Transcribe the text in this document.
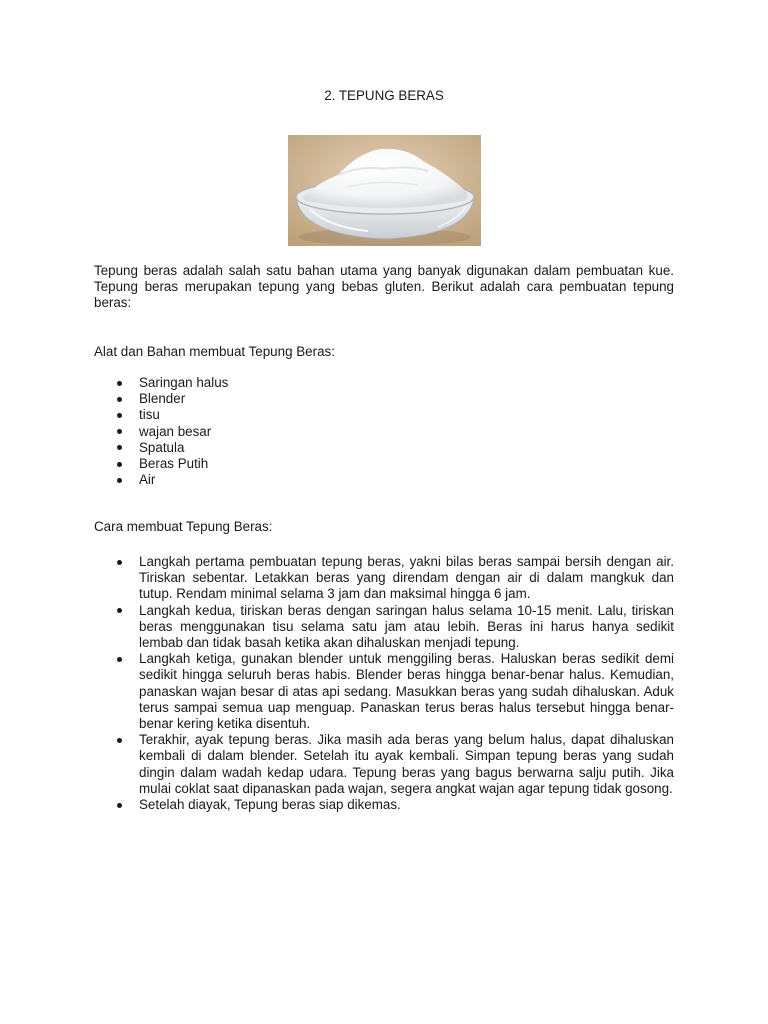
2. TEPUNG BERAS

Tepung beras adalah salah satu bahan utama yang banyak digunakan dalam pembuatan kue. Tepung beras merupakan tepung yang bebas gluten. Berikut adalah cara pembuatan tepung beras:

Alat dan Bahan membuat Tepung Beras:
Saringan halus
Blender
tisu
wajan besar
Spatula
Beras Putih
Air
Cara membuat Tepung Beras:
Langkah pertama pembuatan tepung beras, yakni bilas beras sampai bersih dengan air. Tiriskan sebentar. Letakkan beras yang direndam dengan air di dalam mangkuk dan tutup. Rendam minimal selama 3 jam dan maksimal hingga 6 jam.
Langkah kedua, tiriskan beras dengan saringan halus selama 10-15 menit. Lalu, tiriskan beras menggunakan tisu selama satu jam atau lebih. Beras ini harus hanya sedikit lembab dan tidak basah ketika akan dihaluskan menjadi tepung.
Langkah ketiga, gunakan blender untuk menggiling beras. Haluskan beras sedikit demi sedikit hingga seluruh beras habis. Blender beras hingga benar-benar halus. Kemudian, panaskan wajan besar di atas api sedang. Masukkan beras yang sudah dihaluskan. Aduk terus sampai semua uap menguap. Panaskan terus beras halus tersebut hingga benar-benar kering ketika disentuh.
Terakhir, ayak tepung beras. Jika masih ada beras yang belum halus, dapat dihaluskan kembali di dalam blender. Setelah itu ayak kembali. Simpan tepung beras yang sudah dingin dalam wadah kedap udara. Tepung beras yang bagus berwarna salju putih. Jika mulai coklat saat dipanaskan pada wajan, segera angkat wajan agar tepung tidak gosong.
Setelah diayak, Tepung beras siap dikemas.
